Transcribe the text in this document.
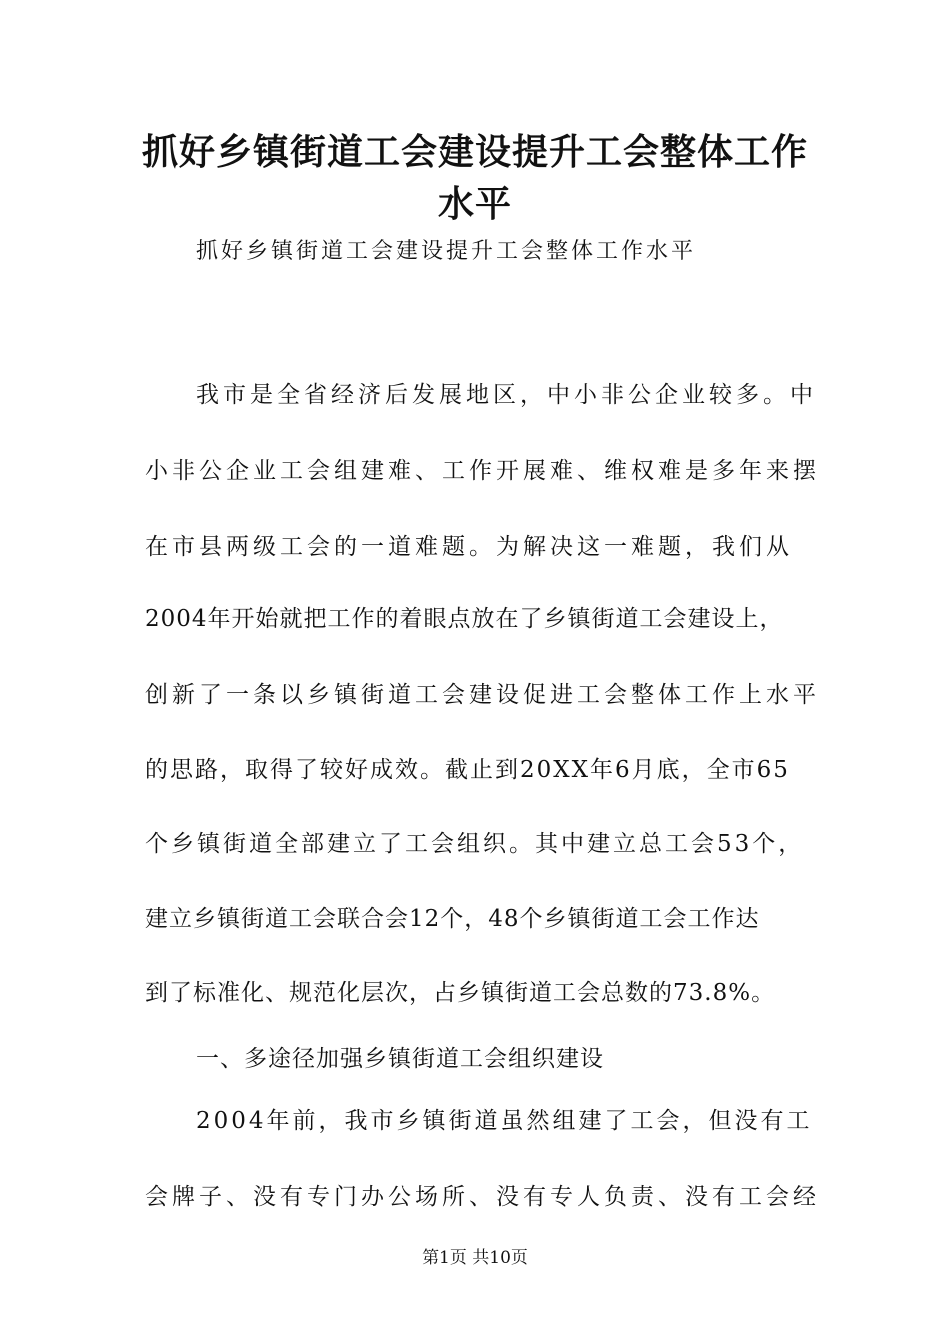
抓好乡镇街道工会建设提升工会整体工作
水平
抓好乡镇街道工会建设提升工会整体工作水平
我市是全省经济后发展地区，中小非公企业较多。中
小非公企业工会组建难、工作开展难、维权难是多年来摆
在市县两级工会的一道难题。为解决这一难题，我们从
2004年开始就把工作的着眼点放在了乡镇街道工会建设上，
创新了一条以乡镇街道工会建设促进工会整体工作上水平
的思路，取得了较好成效。截止到20XX年6月底，全市65
个乡镇街道全部建立了工会组织。其中建立总工会53个，
建立乡镇街道工会联合会12个，48个乡镇街道工会工作达
到了标准化、规范化层次，占乡镇街道工会总数的73.8%。
一、多途径加强乡镇街道工会组织建设
2004年前，我市乡镇街道虽然组建了工会，但没有工
会牌子、没有专门办公场所、没有专人负责、没有工会经
第1页 共10页
